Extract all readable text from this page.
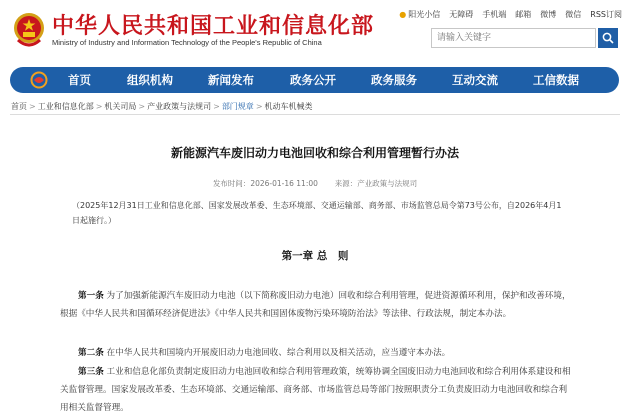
中华人民共和国工业和信息化部
Ministry of Industry and Information Technology of the People's Republic of China
● 阳光小信 无障碍 手机端 邮箱 微博 微信 RSS订阅
请输入关键字
首页	组织机构	新闻发布	政务公开	政务服务	互动交流	工信数据
首页 > 工业和信息化部 > 机关司局 > 产业政策与法规司 > 部门规章 > 机动车机械类
新能源汽车废旧动力电池回收和综合利用管理暂行办法
发布时间：2026-01-16 11:00 来源：产业政策与法规司
（2025年12月31日工业和信息化部、国家发展改革委、生态环境部、交通运输部、商务部、市场监管总局令第73号公布，自2026年4月1日起施行。）
第一章 总　则
第一条 为了加强新能源汽车废旧动力电池（以下简称废旧动力电池）回收和综合利用管理，促进资源循环利用，保护和改善环境，根据《中华人民共和国循环经济促进法》《中华人民共和国固体废物污染环境防治法》等法律、行政法规，制定本办法。
第二条 在中华人民共和国境内开展废旧动力电池回收、综合利用以及相关活动，应当遵守本办法。
第三条 工业和信息化部负责制定废旧动力电池回收和综合利用管理政策，统筹协调全国废旧动力电池回收和综合利用体系建设和相关监督管理。国家发展改革委、生态环境部、交通运输部、商务部、市场监管总局等部门按照职责分工负责废旧动力电池回收和综合利用相关监督管理。
